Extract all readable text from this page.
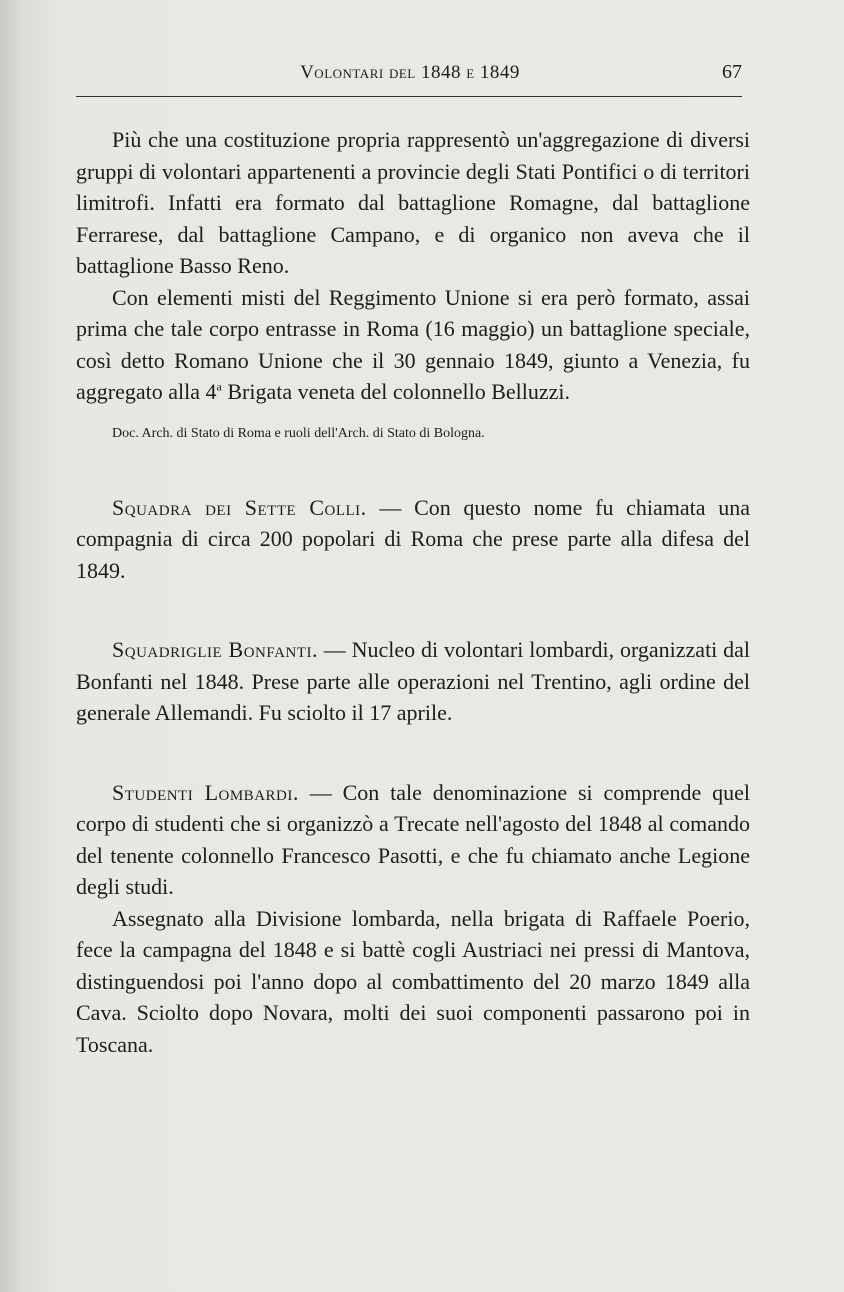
Volontari del 1848 e 1849	67

Più che una costituzione propria rappresentò un'aggregazione di diversi gruppi di volontari appartenenti a provincie degli Stati Pontifici o di territori limitrofi. Infatti era formato dal battaglione Romagne, dal battaglione Ferrarese, dal battaglione Campano, e di organico non aveva che il battaglione Basso Reno.

Con elementi misti del Reggimento Unione si era però formato, assai prima che tale corpo entrasse in Roma (16 maggio) un battaglione speciale, così detto Romano Unione che il 30 gennaio 1849, giunto a Venezia, fu aggregato alla 4$^a$ Brigata veneta del colonnello Belluzzi.

Doc. Arch. di Stato di Roma e ruoli dell'Arch. di Stato di Bologna.

Squadra dei Sette Colli. — Con questo nome fu chiamata una compagnia di circa 200 popolari di Roma che prese parte alla difesa del 1849.

Squadriglie Bonfanti. — Nucleo di volontari lombardi, organizzati dal Bonfanti nel 1848. Prese parte alle operazioni nel Trentino, agli ordine del generale Allemandi. Fu sciolto il 17 aprile.

Studenti Lombardi. — Con tale denominazione si comprende quel corpo di studenti che si organizzò a Trecate nell'agosto del 1848 al comando del tenente colonnello Francesco Pasotti, e che fu chiamato anche Legione degli studi.

Assegnato alla Divisione lombarda, nella brigata di Raffaele Poerio, fece la campagna del 1848 e si battè cogli Austriaci nei pressi di Mantova, distinguendosi poi l'anno dopo al combattimento del 20 marzo 1849 alla Cava. Sciolto dopo Novara, molti dei suoi componenti passarono poi in Toscana.
